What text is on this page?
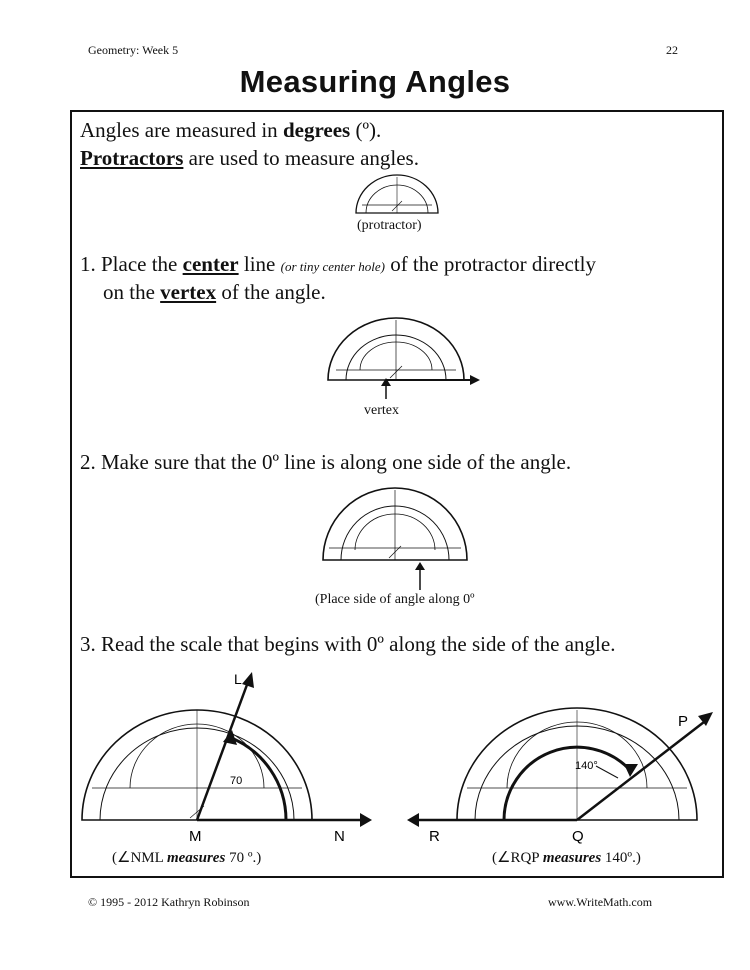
Geometry: Week 5	22
Measuring Angles
Angles are measured in degrees (º).
Protractors are used to measure angles.
(protractor)
1. Place the center line (or tiny center hole) of the protractor directly
on the vertex of the angle.
vertex
2. Make sure that the 0º line is along one side of the angle.
(Place side of angle along 0º
3. Read the scale that begins with 0º along the side of the angle.
70
L
M	N
140°
P
Q
R
(∠NML measures 70 º.)	(∠RQP measures 140º.)
© 1995 - 2012 Kathryn Robinson	www.WriteMath.com
